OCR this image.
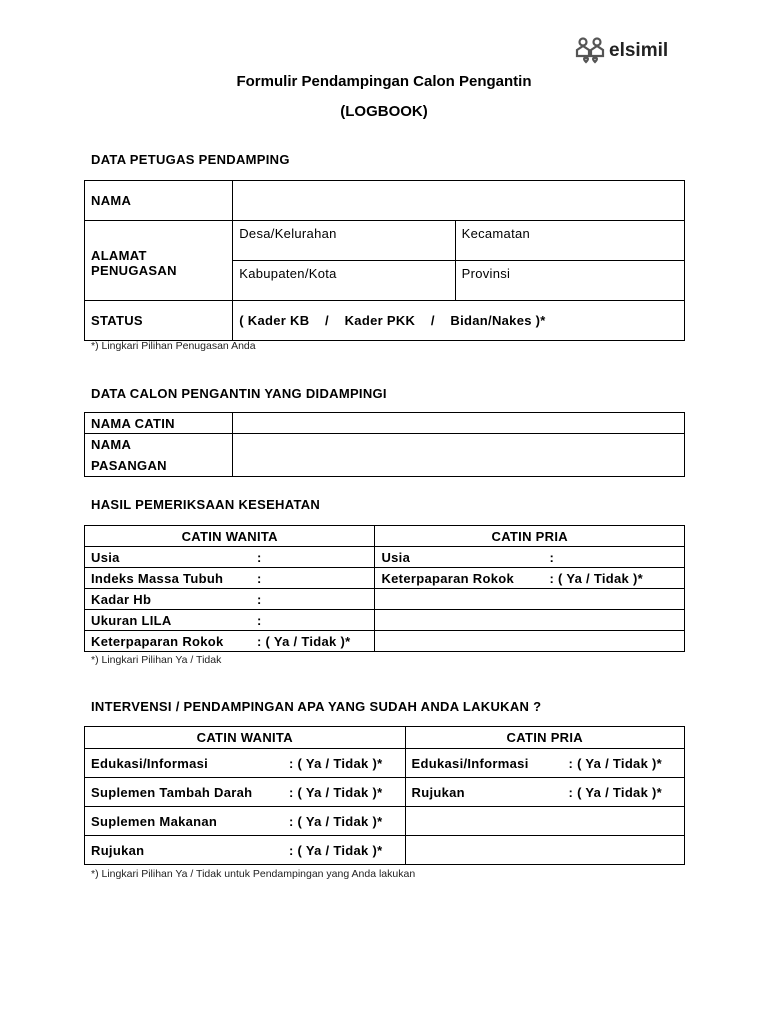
elsimil
Formulir Pendampingan Calon Pengantin
(LOGBOOK)
DATA PETUGAS PENDAMPING
NAMA		

ALAMAT PENUGASAN	Desa/Kelurahan	Kecamatan
	Kabupaten/Kota	Provinsi
STATUS	( Kader KB    /    Kader PKK    /    Bidan/Nakes )*	
*) Lingkari Pilihan Penugasan Anda
DATA CALON PENGANTIN YANG DIDAMPINGI
NAMA CATIN	

NAMA
PASANGAN	

HASIL PEMERIKSAAN KESEHATAN
CATIN WANITA	CATIN PRIA
Usia :	Usia :
Indeks Massa Tubuh :	Keterpaparan Rokok : ( Ya / Tidak )*
Kadar Hb :	
Ukuran LILA :	
Keterpaparan Rokok : ( Ya / Tidak )*	
*) Lingkari Pilihan Ya / Tidak
INTERVENSI / PENDAMPINGAN APA YANG SUDAH ANDA LAKUKAN ?
CATIN WANITA	CATIN PRIA
Edukasi/Informasi : ( Ya / Tidak )*	Edukasi/Informasi : ( Ya / Tidak )*
Suplemen Tambah Darah : ( Ya / Tidak )*	Rujukan : ( Ya / Tidak )*
Suplemen Makanan : ( Ya / Tidak )*	
Rujukan : ( Ya / Tidak )*	
*) Lingkari Pilihan Ya / Tidak untuk Pendampingan yang Anda lakukan
